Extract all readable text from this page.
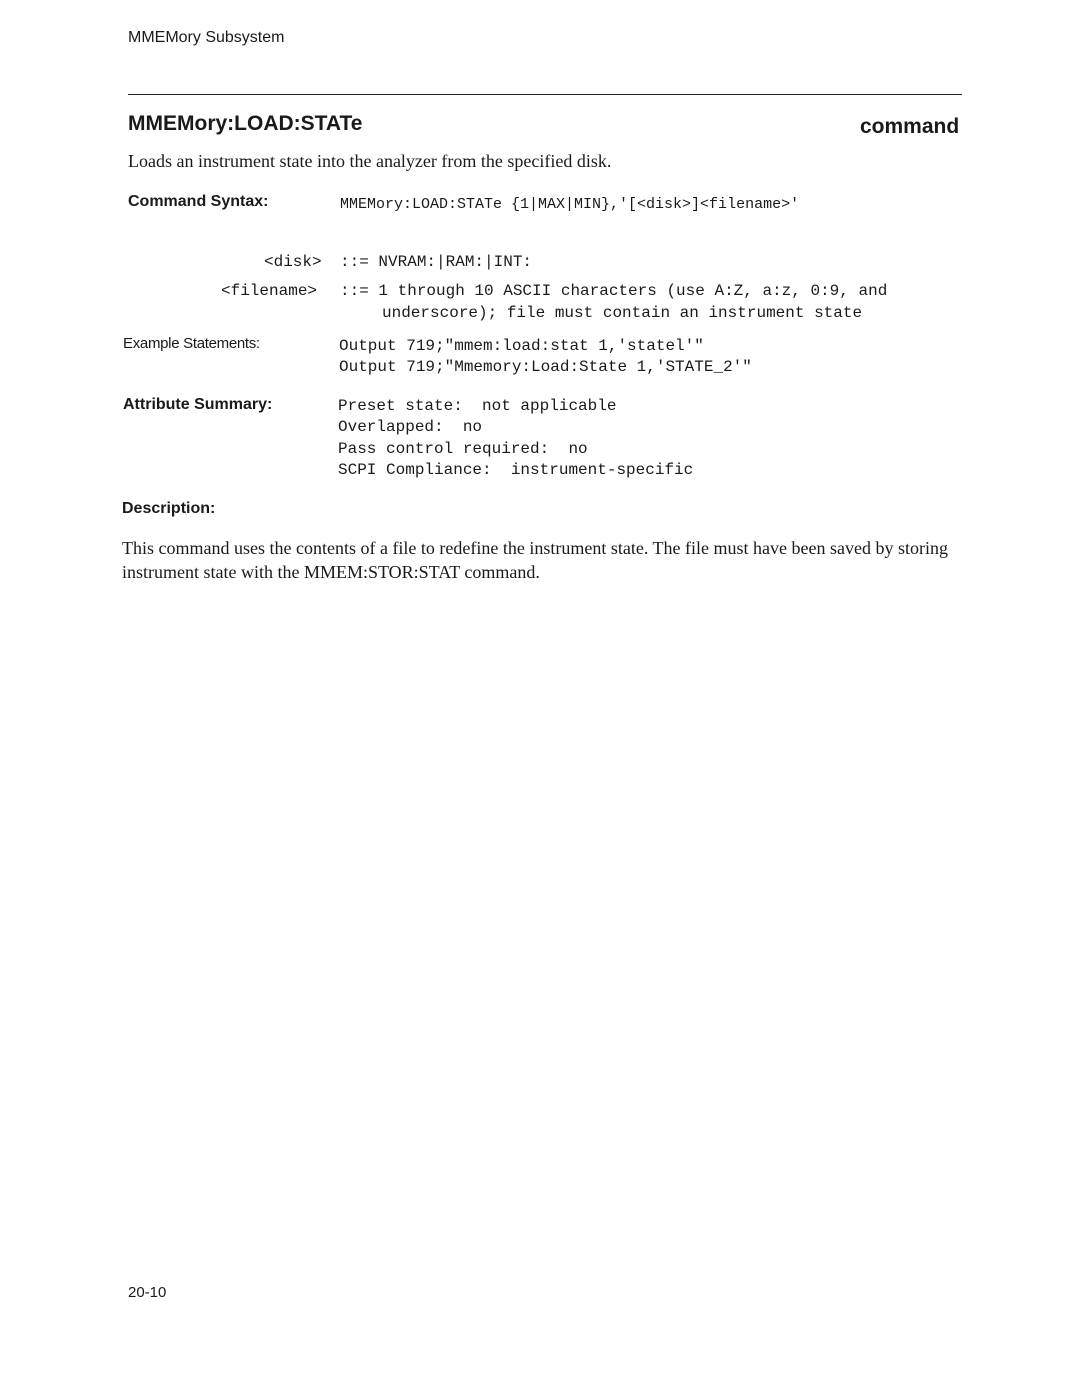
MMEMory Subsystem
MMEMory:LOAD:STATe	command
Loads an instrument state into the analyzer from the specified disk.
Command Syntax:	MMEMory:LOAD:STATe {1|MAX|MIN},'[<disk>]<filename>'
<disk> ::= NVRAM:|RAM:|INT:
<filename> ::= 1 through 10 ASCII characters (use A:Z, a:z, 0:9, and
underscore); file must contain an instrument state
Example Statements:	Output 719;"mmem:load:stat 1,'statel'"
Output 719;"Mmemory:Load:State 1,'STATE_2'"
Attribute Summary:	Preset state:  not applicable
Overlapped:  no
Pass control required:  no
SCPI Compliance:  instrument-specific
Description:
This command uses the contents of a file to redefine the instrument state. The file must have been saved by storing instrument state with the MMEM:STOR:STAT command.
20-10
